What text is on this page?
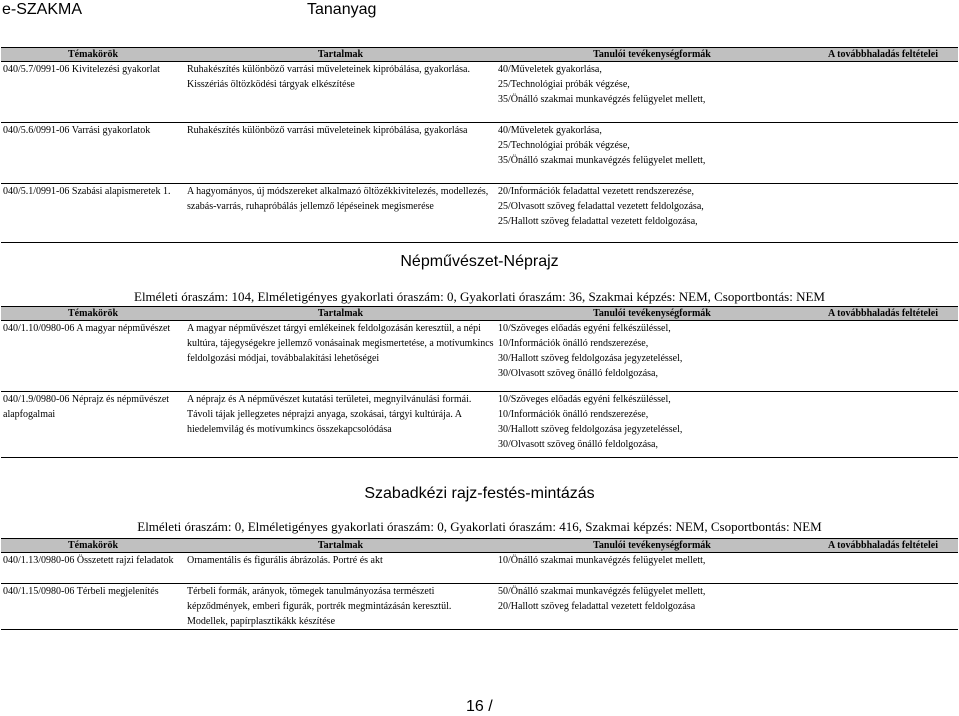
e-SZAKMA	Tananyag
Témakörök	Tartalmak	Tanulói tevékenységformák	A továbbhaladás feltételei
040/5.7/0991-06 Kivitelezési gyakorlat	Ruhakészítés különböző varrási műveleteinek kipróbálása, gyakorlása. Kisszériás öltözködési tárgyak elkészítése	40/Műveletek gyakorlása,
25/Technológiai próbák végzése,
35/Önálló szakmai munkavégzés felügyelet mellett,	

040/5.6/0991-06 Varrási gyakorlatok	Ruhakészítés különböző varrási műveleteinek kipróbálása, gyakorlása	40/Műveletek gyakorlása,
25/Technológiai próbák végzése,
35/Önálló szakmai munkavégzés felügyelet mellett,	

040/5.1/0991-06 Szabási alapismeretek 1.	A hagyományos, új módszereket alkalmazó öltözékkivitelezés, modellezés, szabás-varrás, ruhapróbálás jellemző lépéseinek megismerése	20/Információk feladattal vezetett rendszerezése,
25/Olvasott szöveg feladattal vezetett feldolgozása,
25/Hallott szöveg feladattal vezetett feldolgozása,	

Népművészet-Néprajz
Elméleti óraszám: 104, Elméletigényes gyakorlati óraszám: 0, Gyakorlati óraszám: 36, Szakmai képzés: NEM, Csoportbontás: NEM
Témakörök	Tartalmak	Tanulói tevékenységformák	A továbbhaladás feltételei
040/1.10/0980-06 A magyar népművészet	A magyar népművészet tárgyi emlékeinek feldolgozásán keresztül, a népi kultúra, tájegységekre jellemző vonásainak megismertetése, a motívumkincs feldolgozási módjai, továbbalakítási lehetőségei	10/Szöveges előadás egyéni felkészüléssel,
10/Információk önálló rendszerezése,
30/Hallott szöveg feldolgozása jegyzeteléssel,
30/Olvasott szöveg önálló feldolgozása,	

040/1.9/0980-06 Néprajz és népművészet alapfogalmai	A néprajz és A népművészet kutatási területei, megnyilvánulási formái. Távoli tájak jellegzetes néprajzi anyaga, szokásai, tárgyi kultúrája. A hiedelemvilág és motívumkincs összekapcsolódása	10/Szöveges előadás egyéni felkészüléssel,
10/Információk önálló rendszerezése,
30/Hallott szöveg feldolgozása jegyzeteléssel,
30/Olvasott szöveg önálló feldolgozása,	

Szabadkézi rajz-festés-mintázás
Elméleti óraszám: 0, Elméletigényes gyakorlati óraszám: 0, Gyakorlati óraszám: 416, Szakmai képzés: NEM, Csoportbontás: NEM
Témakörök	Tartalmak	Tanulói tevékenységformák	A továbbhaladás feltételei
040/1.13/0980-06 Összetett rajzi feladatok	Ornamentális és figurális ábrázolás. Portré és akt	10/Önálló szakmai munkavégzés felügyelet mellett,	

040/1.15/0980-06 Térbeli megjelenítés	Térbeli formák, arányok, tömegek tanulmányozása természeti képződmények, emberi figurák, portrék megmintázásán keresztül. Modellek, papírplasztikákk készítése	50/Önálló szakmai munkavégzés felügyelet mellett,
20/Hallott szöveg feladattal vezetett feldolgozása	

16 /
